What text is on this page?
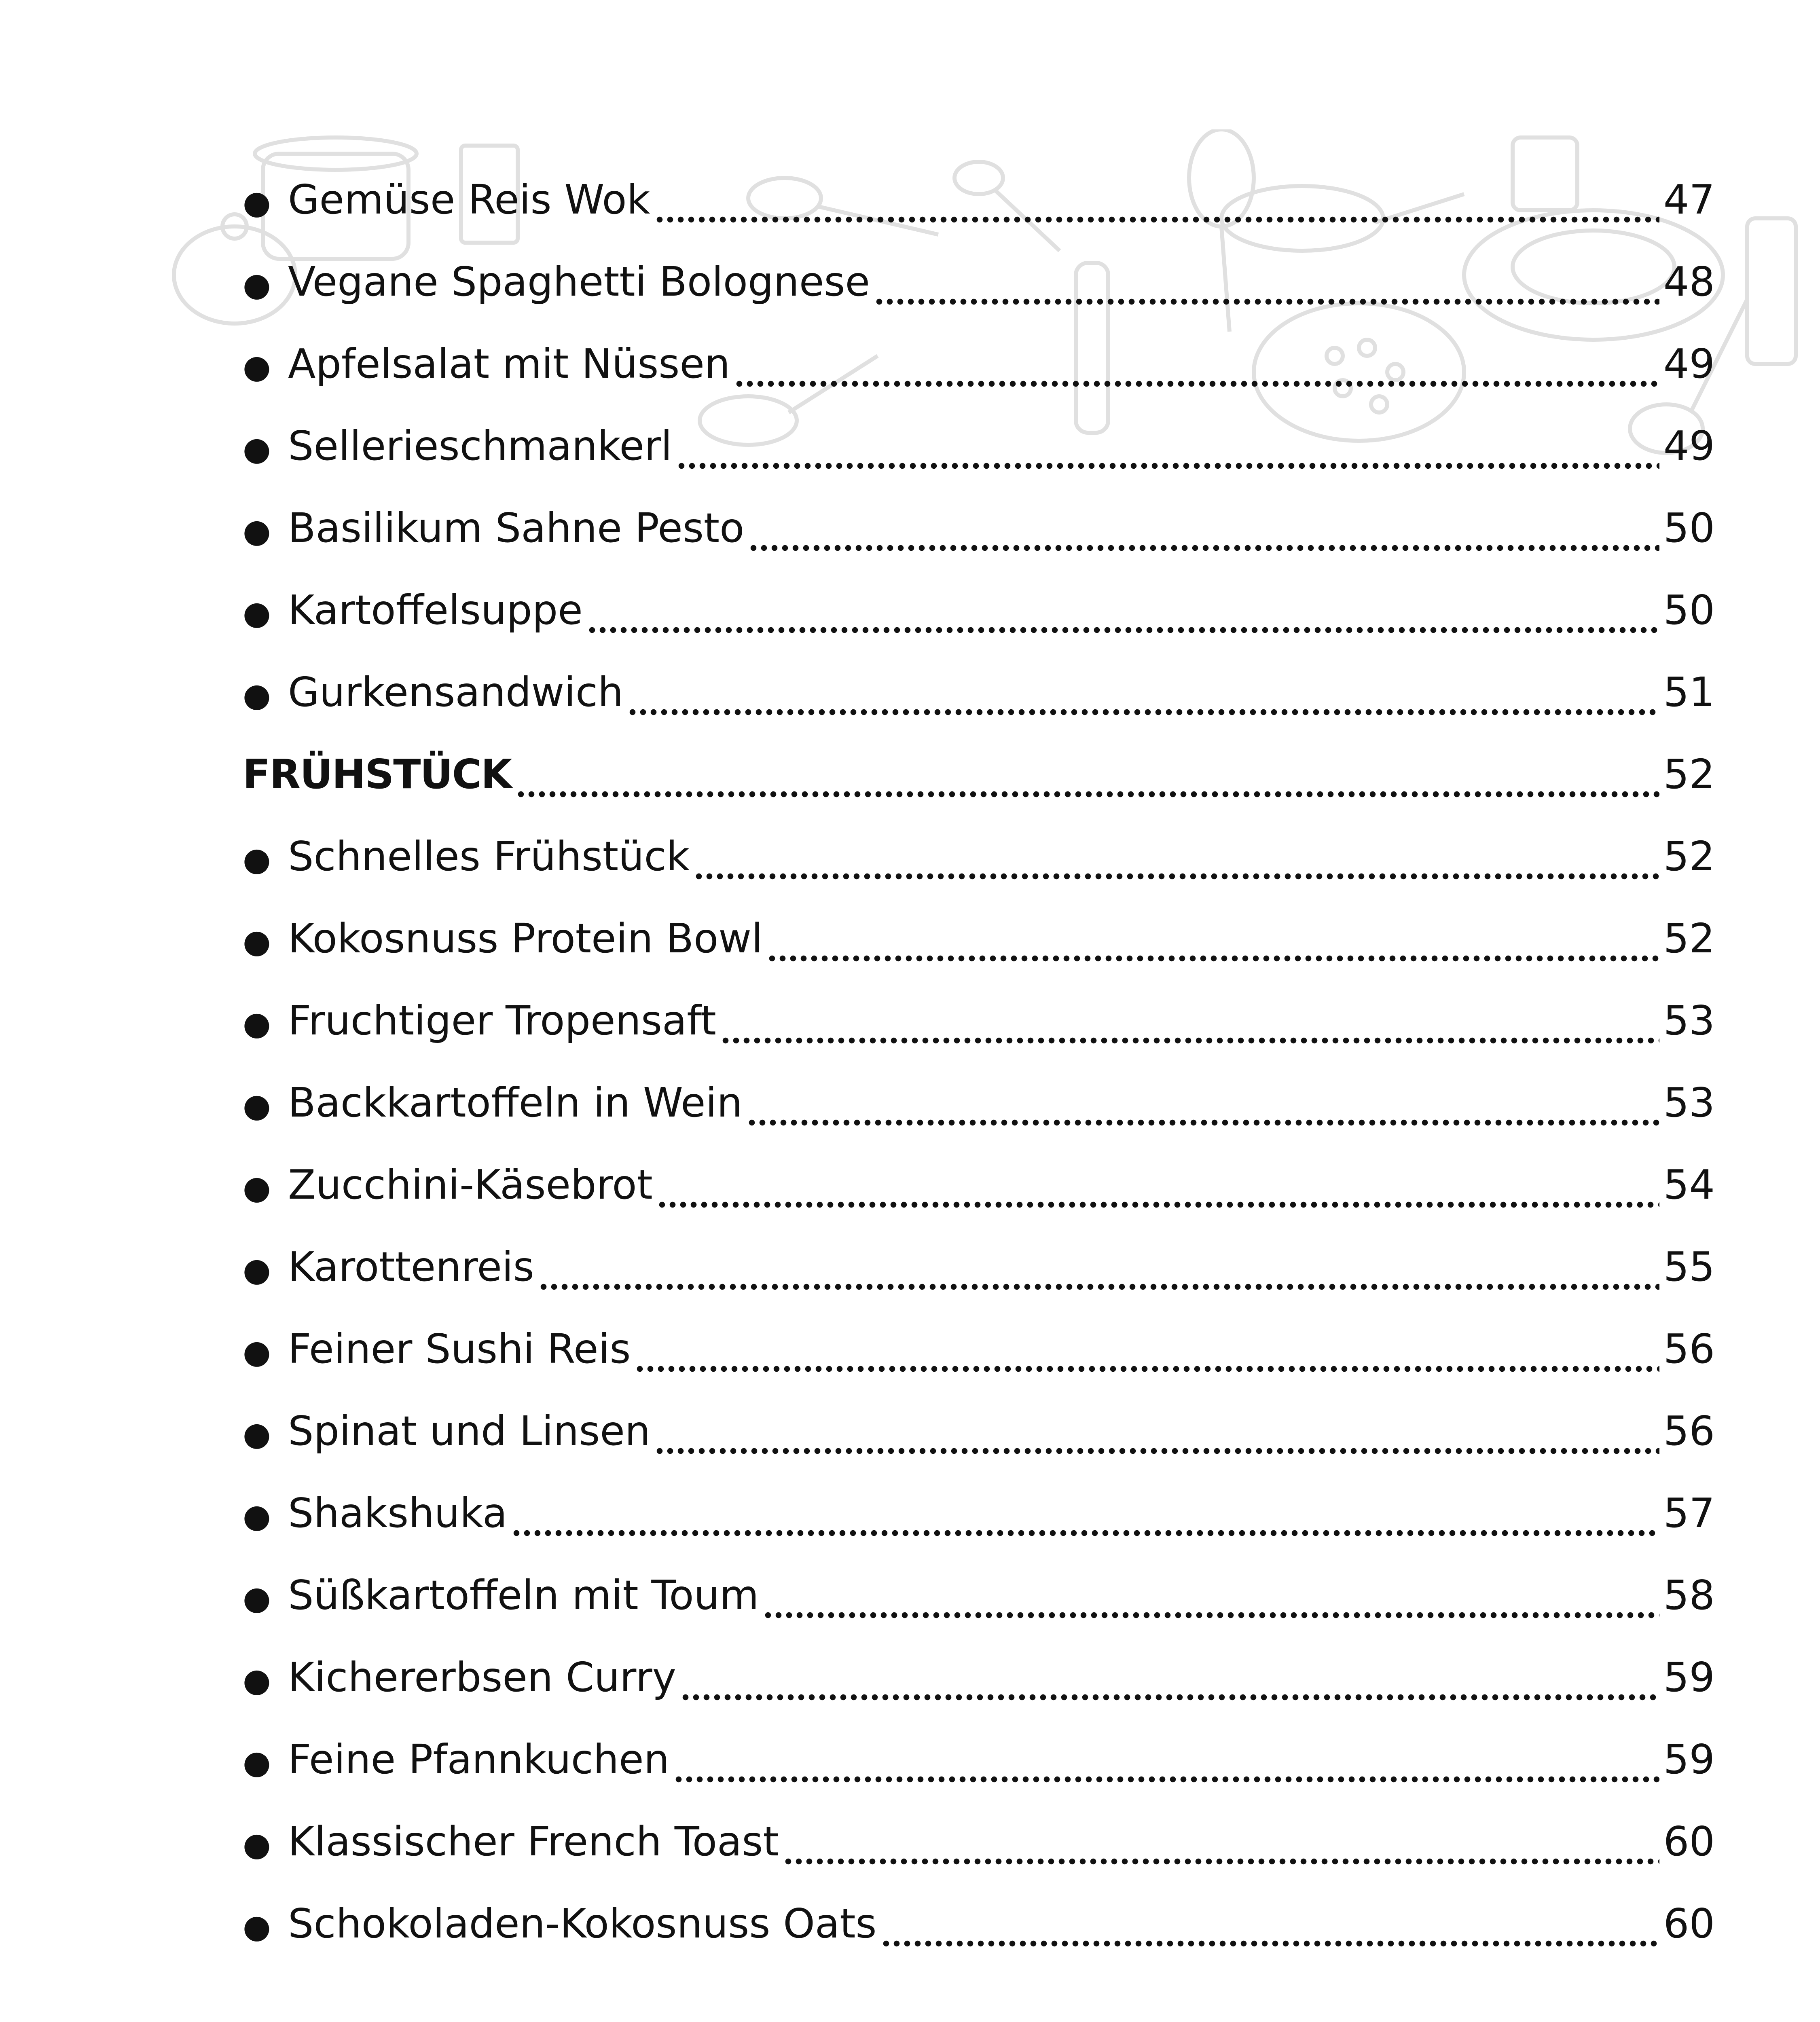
● Gemüse Reis Wok	47
● Vegane Spaghetti Bolognese	48
● Apfelsalat mit Nüssen	49
● Sellerieschmankerl	49
● Basilikum Sahne Pesto	50
● Kartoffelsuppe	50
● Gurkensandwich	51
FRÜHSTÜCK	52
● Schnelles Frühstück	52
● Kokosnuss Protein Bowl	52
● Fruchtiger Tropensaft	53
● Backkartoffeln in Wein	53
● Zucchini-Käsebrot	54
● Karottenreis	55
● Feiner Sushi Reis	56
● Spinat und Linsen	56
● Shakshuka	57
● Süßkartoffeln mit Toum	58
● Kichererbsen Curry	59
● Feine Pfannkuchen	59
● Klassischer French Toast	60
● Schokoladen-Kokosnuss Oats	60
